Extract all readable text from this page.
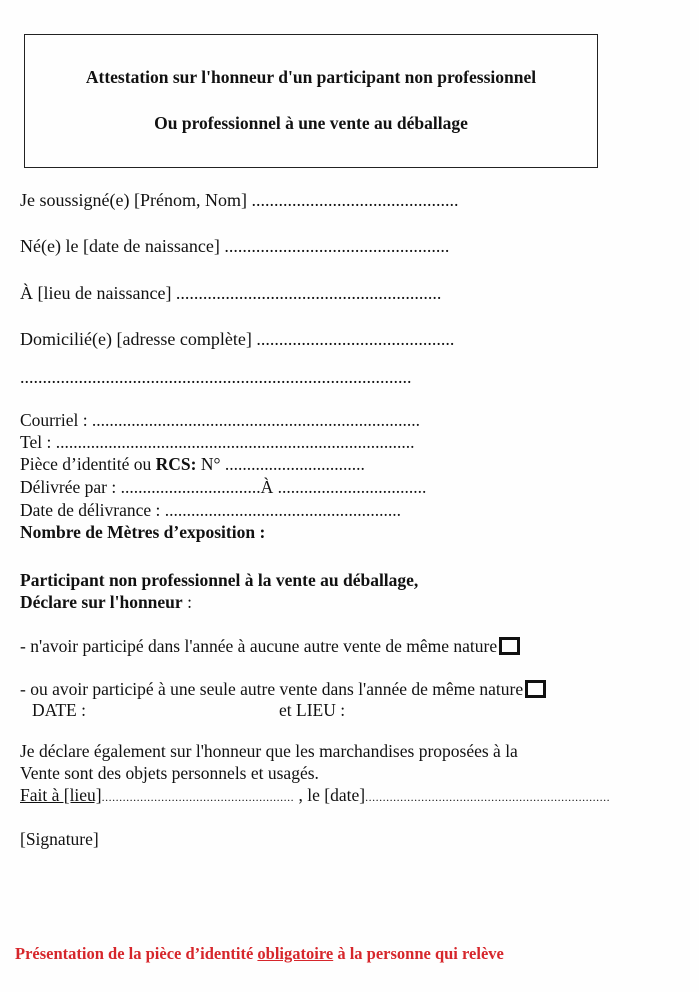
Attestation sur l'honneur d'un participant non professionnel
Ou professionnel à une vente au déballage
Je soussigné(e) [Prénom, Nom] ..............................................
Né(e) le [date de naissance] ..................................................
À [lieu de naissance] ...........................................................
Domicilié(e) [adresse complète] ............................................
.......................................................................................
Courriel : ...........................................................................
Tel : ..................................................................................
Pièce d’identité ou RCS: N° ................................
Délivrée par : ................................À ..................................
Date de délivrance : ......................................................
Nombre de Mètres d’exposition :
Participant non professionnel à la vente au déballage,
Déclare sur l'honneur :
- n'avoir participé dans l'année à aucune autre vente de même nature
- ou avoir participé à une seule autre vente dans l'année de même nature
DATE :	et LIEU :
Je déclare également sur l'honneur que les marchandises proposées à la
Vente sont des objets personnels et usagés.
Fait à [lieu]....................................................... , le [date]......................................................................
[Signature]
Présentation de la pièce d’identité obligatoire à la personne qui relève
